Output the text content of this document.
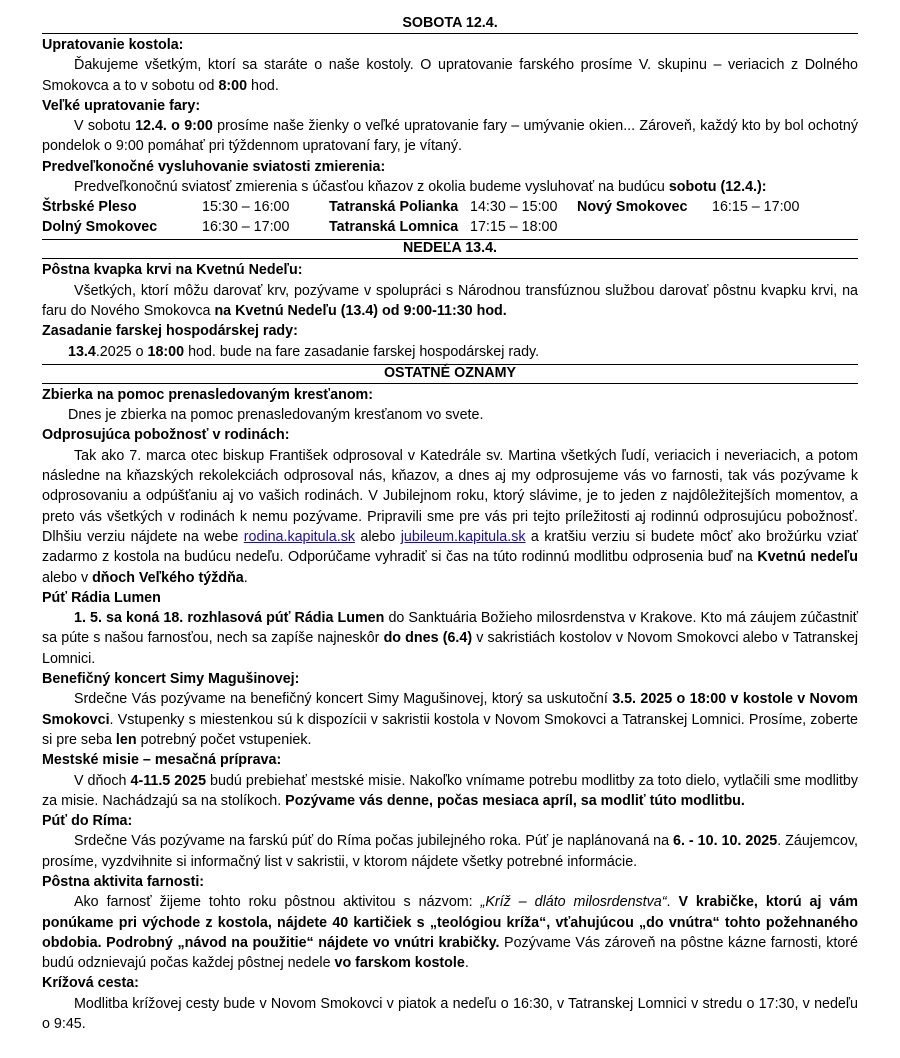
SOBOTA 12.4.
Upratovanie kostola:
Ďakujeme všetkým, ktorí sa staráte o naše kostoly. O upratovanie farského prosíme V. skupinu – veriacich z Dolného Smokovca a to v sobotu od 8:00 hod.
Veľké upratovanie fary:
V sobotu 12.4. o 9:00 prosíme naše žienky o veľké upratovanie fary – umývanie okien... Zároveň, každý kto by bol ochotný pondelok o 9:00 pomáhať pri týždennom upratovaní fary, je vítaný.
Predveľkonočné vysluhovanie sviatosti zmierenia:
Predveľkonočnú sviatosť zmierenia s účasťou kňazov z okolia budeme vysluhovať na budúcu sobotu (12.4.):
Štrbské Pleso	15:30 – 16:00	Tatranská Polianka 14:30 – 15:00 Nový Smokovec 16:15 – 17:00
Dolný Smokovec	16:30 – 17:00	Tatranská Lomnica 17:15 – 18:00
NEDEĽA 13.4.
Pôstna kvapka krvi na Kvetnú Nedeľu:
Všetkých, ktorí môžu darovať krv, pozývame v spolupráci s Národnou transfúznou službou darovať pôstnu kvapku krvi, na faru do Nového Smokovca na Kvetnú Nedeľu (13.4) od 9:00-11:30 hod.
Zasadanie farskej hospodárskej rady:
13.4.2025 o 18:00 hod. bude na fare zasadanie farskej hospodárskej rady.
OSTATNÉ OZNAMY
Zbierka na pomoc prenasledovaným kresťanom:
Dnes je zbierka na pomoc prenasledovaným kresťanom vo svete.
Odprosujúca pobožnosť v rodinách:
Tak ako 7. marca otec biskup František odprosoval v Katedrále sv. Martina všetkých ľudí, veriacich i neveriacich, a potom následne na kňazských rekolekciách odprosoval nás, kňazov, a dnes aj my odprosujeme vás vo farnosti, tak vás pozývame k odprosovaniu a odpúšťaniu aj vo vašich rodinách. V Jubilejnom roku, ktorý slávime, je to jeden z najdôležitejších momentov, a preto vás všetkých v rodinách k nemu pozývame. Pripravili sme pre vás pri tejto príležitosti aj rodinnú odprosujúcu pobožnosť. Dlhšiu verziu nájdete na webe rodina.kapitula.sk alebo jubileum.kapitula.sk a kratšiu verziu si budete môcť ako brožúrku vziať zadarmo z kostola na budúcu nedeľu. Odporúčame vyhradiť si čas na túto rodinnú modlitbu odprosenia buď na Kvetnú nedeľu alebo v dňoch Veľkého týždňa.
Púť Rádia Lumen
1. 5. sa koná 18. rozhlasová púť Rádia Lumen do Sanktuária Božieho milosrdenstva v Krakove. Kto má záujem zúčastniť sa púte s našou farnosťou, nech sa zapíše najneskôr do dnes (6.4) v sakristiách kostolov v Novom Smokovci alebo v Tatranskej Lomnici.
Benefičný koncert Simy Magušinovej:
Srdečne Vás pozývame na benefičný koncert Simy Magušinovej, ktorý sa uskutoční 3.5. 2025 o 18:00 v kostole v Novom Smokovci. Vstupenky s miestenkou sú k dispozícii v sakristii kostola v Novom Smokovci a Tatranskej Lomnici. Prosíme, zoberte si pre seba len potrebný počet vstupeniek.
Mestské misie – mesačná príprava:
V dňoch 4-11.5 2025 budú prebiehať mestské misie. Nakoľko vnímame potrebu modlitby za toto dielo, vytlačili sme modlitby za misie. Nachádzajú sa na stolíkoch. Pozývame vás denne, počas mesiaca apríl, sa modliť túto modlitbu.
Púť do Ríma:
Srdečne Vás pozývame na farskú púť do Ríma počas jubilejného roka. Púť je naplánovaná na 6. - 10. 10. 2025. Záujemcov, prosíme, vyzdvihnite si informačný list v sakristii, v ktorom nájdete všetky potrebné informácie.
Pôstna aktivita farnosti:
Ako farnosť žijeme tohto roku pôstnou aktivitou s názvom: „Kríž – dláto milosrdenstva“. V krabičke, ktorú aj vám ponúkame pri východe z kostola, nájdete 40 kartičiek s „teológiou kríža“, vťahujúcou „do vnútra“ tohto požehnaného obdobia. Podrobný „návod na použitie“ nájdete vo vnútri krabičky. Pozývame Vás zároveň na pôstne kázne farnosti, ktoré budú odznievajú počas každej pôstnej nedele vo farskom kostole.
Krížová cesta:
Modlitba krížovej cesty bude v Novom Smokovci v piatok a nedeľu o 16:30, v Tatranskej Lomnici v stredu o 17:30, v nedeľu o 9:45.
